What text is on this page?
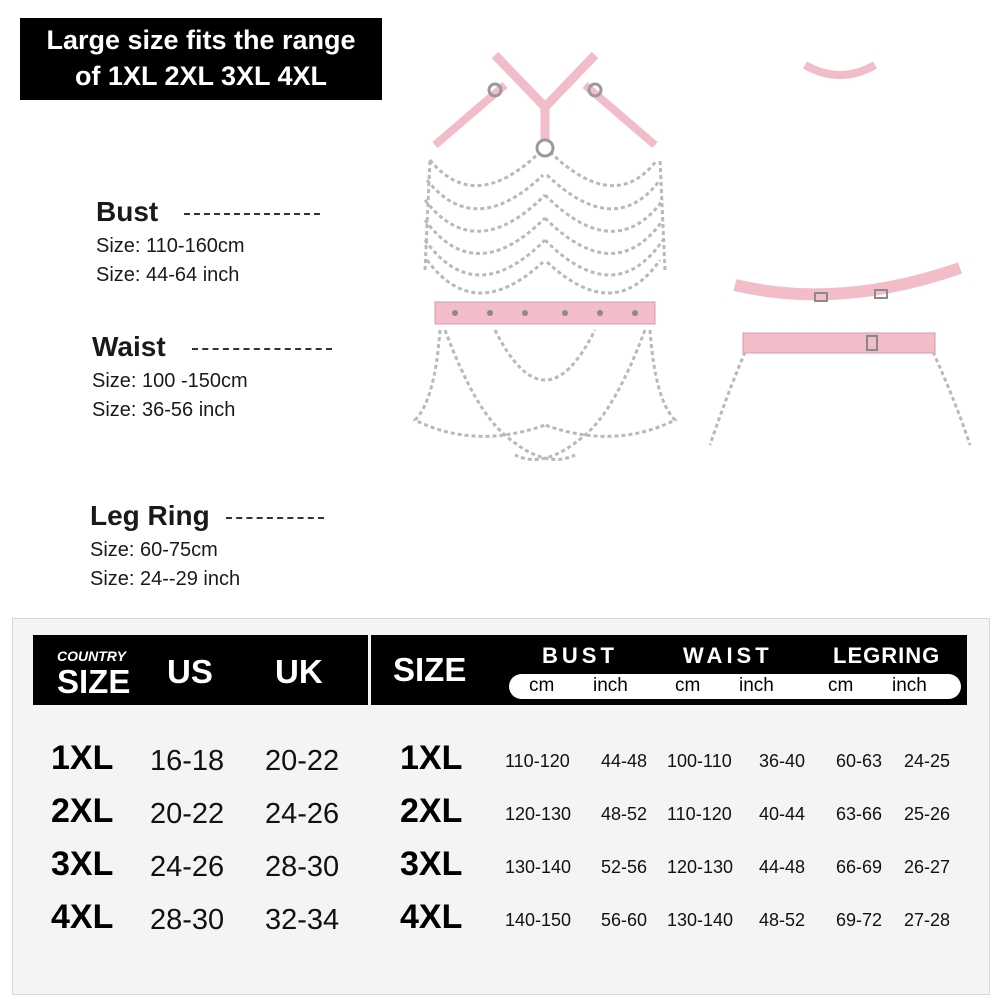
Large size fits the range
of 1XL 2XL 3XL 4XL
Bust
Size: 110-160cm
Size: 44-64 inch
Waist
Size: 100 -150cm
Size: 36-56 inch
Leg Ring
Size: 60-75cm
Size: 24--29 inch
COUNTRY
SIZE US UK SIZE	BUST	WAIST	LEGRING
cm inch cm inch	cm inch
1XL 16-18 20-22 1XL 110-120 44-48 100-110 36-40 60-63 24-25
2XL 20-22 24-26 2XL 120-130 48-52 110-120 40-44 63-66 25-26
3XL 24-26 28-30 3XL 130-140 52-56 120-130 44-48 66-69 26-27
4XL 28-30 32-34 4XL 140-150 56-60 130-140 48-52 69-72 27-28
